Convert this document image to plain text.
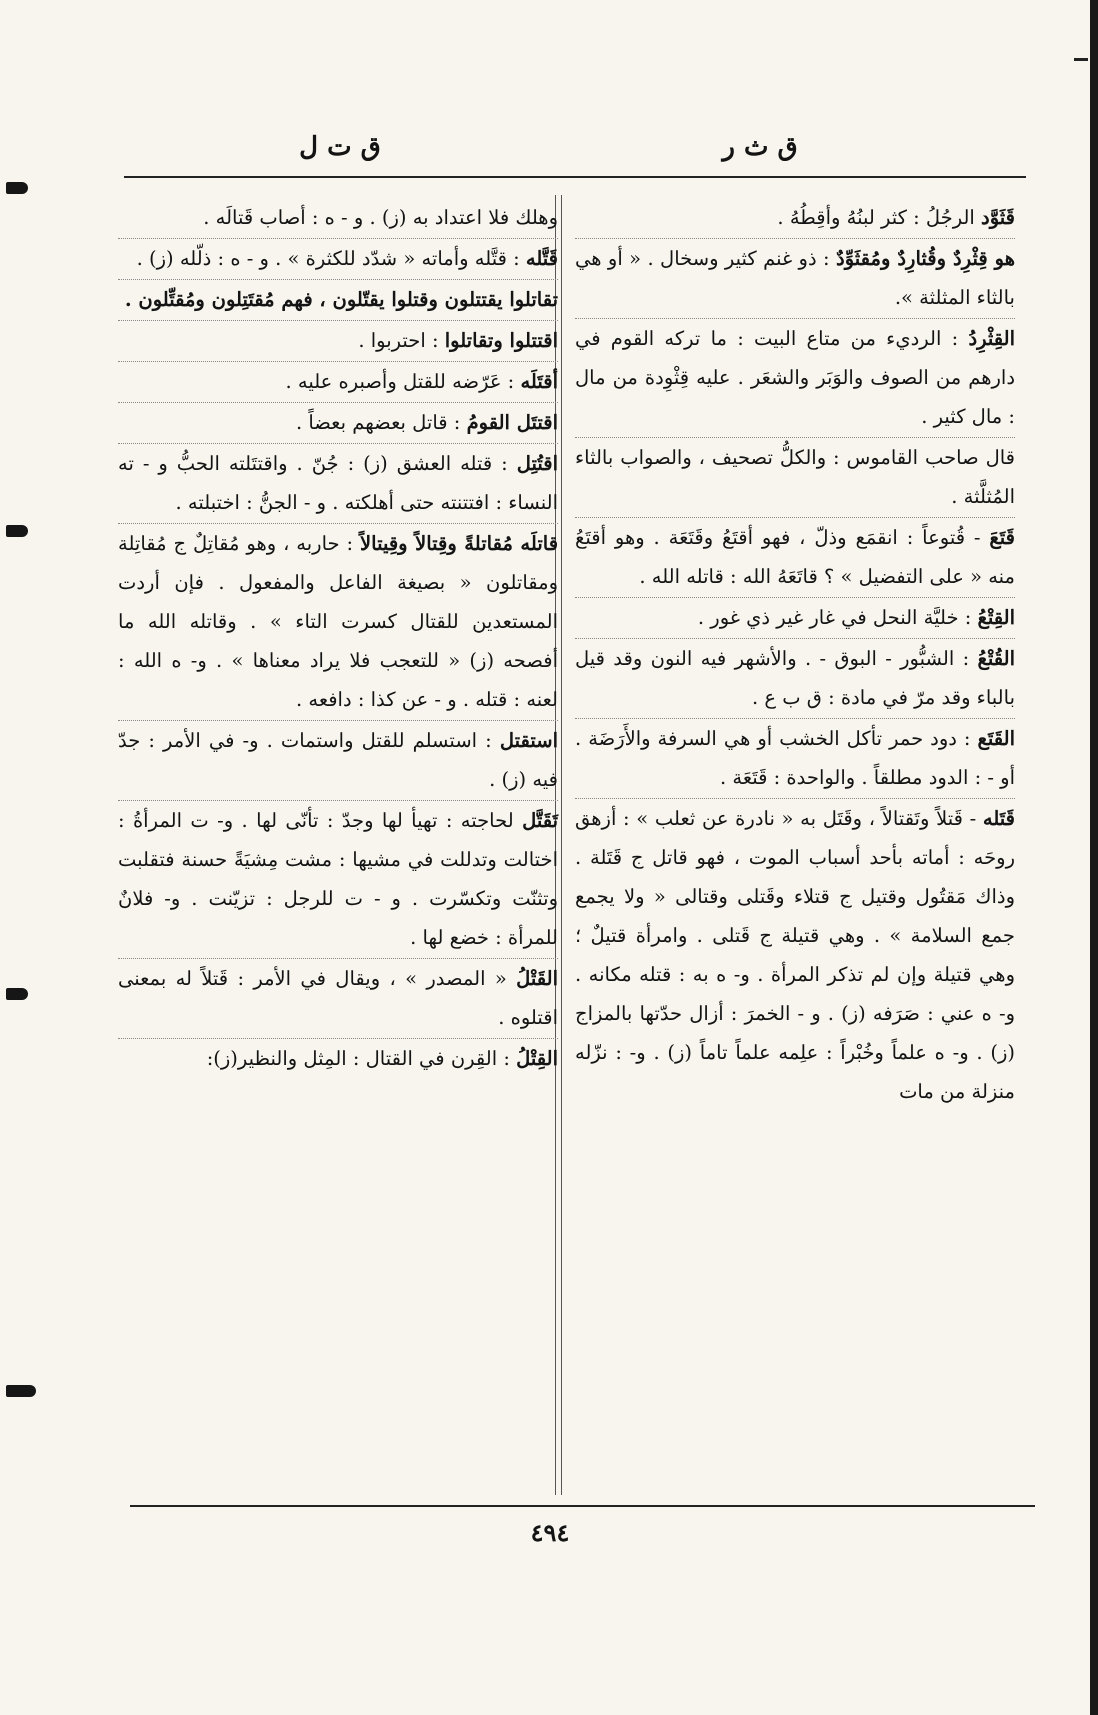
ق ث ر
ق ت ل
قَثَوَّد الرجُلُ : كثر لبنُهُ وأقِطُهُ .
هو قِثْرِدٌ وقُثارِدٌ ومُقثَوِّدٌ : ذو غنم كثير وسخال . « أو هي بالثاء المثلثة ».
القِثْرِدُ : الرديء من متاع البيت : ما تركه القوم في دارهم من الصوف والوَبَر والشعَر . عليه قِثْوِدة من مال : مال كثير .
قال صاحب القاموس : والكلُّ تصحيف ، والصواب بالثاء المُثلَّثة .
قَتَعَ - قُتوعاً : انقمَع وذلّ ، فهو أقتَعُ وقَتَعَة . وهو أقتَعُ منه « على التفضيل » ؟ قاتَعَهُ الله : قاتله الله .
القِتْعُ : خليَّة النحل في غار غير ذي غور .
القُتْعُ : الشبُّور - البوق - . والأشهر فيه النون وقد قيل بالباء وقد مرّ في مادة : ق ب ع .
القَتَع : دود حمر تأكل الخشب أو هي السرفة والأَرَضَة . أو - : الدود مطلقاً . والواحدة : قَتَعَة .
قَتَله - قَتلاً وتَقتالاً ، وقَتَل به « نادرة عن ثعلب » : أزهق روحَه : أماته بأحد أسباب الموت ، فهو قاتل ج قَتَلة . وذاك مَقتُول وقتيل ج قتلاء وقَتلى وقتالى « ولا يجمع جمع السلامة » . وهي قتيلة ج قَتلى . وامرأة قتيلٌ ؛ وهي قتيلة وإن لم تذكر المرأة . و- ه به : قتله مكانه . و- ه عني : صَرَفه (ز) . و - الخمرَ : أزال حدّتها بالمزاج (ز) . و- ه علماً وخُبْراً : علِمه علماً تاماً (ز) . و- : نزّله منزلة من مات
وهلك فلا اعتداد به (ز) . و - ه : أصاب قَتالَه .
قَتَّله : قتَّله وأماته « شدّد للكثرة » . و - ه : ذلّله (ز) .
تقاتلوا يقتتلون وقتلوا يقتّلون ، فهم مُقتَتِلون ومُقتِّلون .
اقتتلوا وتقاتلوا : احتربوا .
أقتَلَه : عَرّضه للقتل وأصبره عليه .
اقتتَل القومُ : قاتل بعضهم بعضاً .
اقتُتِل : قتله العشق (ز) : جُنّ . واقتتَلته الحبُّ و - ته النساء : افتتنته حتى أهلكته . و - الجنُّ : اختبلته .
قاتلَه مُقاتلةً وقِتالاً وقِيتالاً : حاربه ، وهو مُقاتِلٌ ج مُقاتِلة ومقاتلون « بصيغة الفاعل والمفعول . فإن أردت المستعدين للقتال كسرت التاء » . وقاتله الله ما أفصحه (ز) « للتعجب فلا يراد معناها » . و- ه الله : لعنه : قتله . و - عن كذا : دافعه .
استقتل : استسلم للقتل واستمات . و- في الأمر : جدّ فيه (ز) .
تَقَتَّل لحاجته : تهيأ لها وجدّ : تأنّى لها . و- ت المرأةُ : اختالت وتدللت في مشيها : مشت مِشيَةً حسنة فتقلبت وتثنّت وتكسّرت . و - ت للرجل : تزيّنت . و- فلانٌ للمرأة : خضع لها .
القَتْلُ « المصدر » ، ويقال في الأمر : قَتلاً له بمعنى اقتلوه .
القِتْلُ : القِرن في القتال : المِثل والنظير(ز):
٤٩٤
